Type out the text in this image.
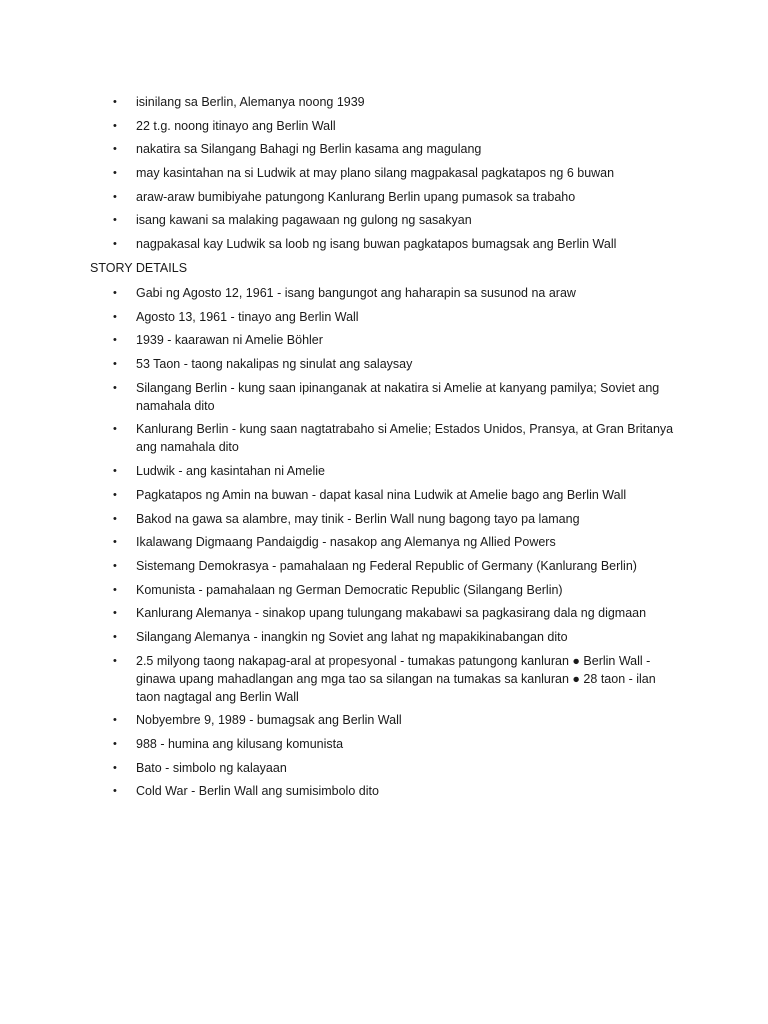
•	isinilang sa Berlin, Alemanya noong 1939
•	22 t.g. noong itinayo ang Berlin Wall
•	nakatira sa Silangang Bahagi ng Berlin kasama ang magulang
•	may kasintahan na si Ludwik at may plano silang magpakasal pagkatapos ng 6 buwan
•	araw-araw bumibiyahe patungong Kanlurang Berlin upang pumasok sa trabaho
•	isang kawani sa malaking pagawaan ng gulong ng sasakyan
•	nagpakasal kay Ludwik sa loob ng isang buwan pagkatapos bumagsak ang Berlin Wall
STORY DETAILS
•	Gabi ng Agosto 12, 1961 - isang bangungot ang haharapin sa susunod na araw
•	Agosto 13, 1961 - tinayo ang Berlin Wall
•	1939 - kaarawan ni Amelie Böhler
•	53 Taon - taong nakalipas ng sinulat ang salaysay
•	Silangang Berlin - kung saan ipinanganak at nakatira si Amelie at kanyang pamilya; Soviet ang namahala dito
•	Kanlurang Berlin - kung saan nagtatrabaho si Amelie; Estados Unidos, Pransya, at Gran Britanya ang namahala dito
•	Ludwik - ang kasintahan ni Amelie
•	Pagkatapos ng Amin na buwan - dapat kasal nina Ludwik at Amelie bago ang Berlin Wall
•	Bakod na gawa sa alambre, may tinik - Berlin Wall nung bagong tayo pa lamang
•	Ikalawang Digmaang Pandaigdig - nasakop ang Alemanya ng Allied Powers
•	Sistemang Demokrasya - pamahalaan ng Federal Republic of Germany (Kanlurang Berlin)
•	Komunista - pamahalaan ng German Democratic Republic (Silangang Berlin)
•	Kanlurang Alemanya - sinakop upang tulungang makabawi sa pagkasirang dala ng digmaan
•	Silangang Alemanya - inangkin ng Soviet ang lahat ng mapakikinabangan dito
•	2.5 milyong taong nakapag-aral at propesyonal - tumakas patungong kanluran ● Berlin Wall - ginawa upang mahadlangan ang mga tao sa silangan na tumakas sa kanluran ● 28 taon - ilan taon nagtagal ang Berlin Wall
•	Nobyembre 9, 1989 - bumagsak ang Berlin Wall
•	988 - humina ang kilusang komunista
•	Bato - simbolo ng kalayaan
•	Cold War - Berlin Wall ang sumisimbolo dito
